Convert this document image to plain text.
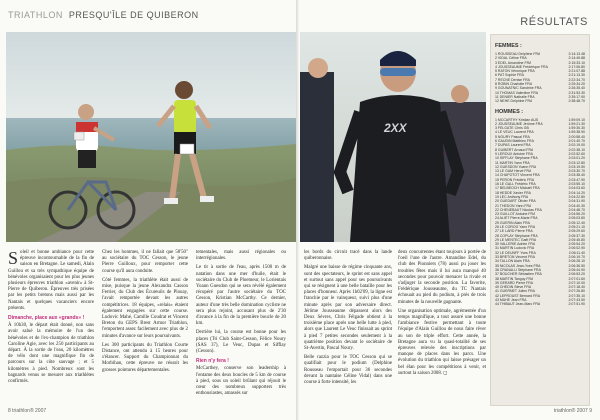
TRIATHLON PRESQU'ÎLE DE QUIBERON
S oleil et bonne ambiance pour cette épreuve incontournable de la fin de saison en Bretagne. Le samedi, Alain Guillou et sa très sympathique équipe de bénévoles organisaient pour les plus jeunes plusieurs épreuves triathlon «avenir» à St-Pierre de Quiberon. Épreuves très prisées par les petits bretons mais aussi par les Nantais et quelques vacanciers encore présents.

Dimanche, place aux «grands» !

À 10h30, le départ était donné, non sans avoir salué la mémoire de l'un des bénévoles et de l'ex-champion de triathlon Caroline Agie, avec les 250 participants au départ. À la sortie de l'eau, 20 kilomètres de vélo dont une magnifique fin de parcours sur la côte sauvage ; et 5 kilomètres à pied. Nombreux sont les bagnards venus se mesurer aux triathlètes confirmés.

Chez les hommes, il ne fallait que 58'50" au sociétaire du TOC Cesson, le jeune Pierre Guilloux, pour remporter cette course qu'il aura conduite.

Côté femmes, la triathlète était aussi de mise, puisque la jeune Alexandra Casson Ferrier, du Club des Écureuils de Plouay, l'avait remportée devant les autres compétitrices. 18 équipes, «relais» étaient également engagées sur cette course. Ludovic Mahé, Camille Coudrat et Vincent Breton du GEPS Brest Armor Triathlon, l'emportent assez facilement avec plus de 2 minutes d'avance sur leurs poursuivants.

Les 300 participants du Triathlon Courte Distance, ont attendu à 15 heures pour s'élancer. Support du Championnat du Morbihan, cette épreuve ne réussit les grosses pointures départementales.

tementales, mais aussi régionales ou interrégionales.

Le tir à sortie de l'eau, après 1500 m de natation dans une mer d'huile, était le sociétaire du Club de Ploemeur, le Lorientais Yoann Guesdon qui se sera révélé également récupéré par l'autre sociétaire du TOC Cesson, Kristian McCarthy. Ce dernier, auteur d'une très belle domination cycliste ne sera plus rejoint, accusant plus de 2'30 d'avance à la fin de la première boucle de 20 km.

Derrière lui, la course est bonne pour les places (Tri Club Saint-Cesson, Félice Noury (SAS 37), Le Veuc, Dupas et Sifflay (Cesson).

Rien n'y fera !

McCarthey, conserve son leadership à l'entame des deux boucles de 5 km de course à pied, sous un soleil brûlant qui réjouit le cœur des nombreux supporters très enthousiastes, amassés sur

8 triathlon® 2007
RÉSULTATS
2XX

les bords du circuit tracé dans la lande quiberonnaise.

Malgré une baisse de régime cinquante ans, sont des spectateurs, le sprint est sans appel et surtout sans appel pour ses poursuivants qui se résignent à une belle bataille pour les places d'honneur. Après 1h02'09, la ligne est franchie par le vainqueur, suivi plus d'une minute après par son adversaire direct. Jérôme Jousseaume dépassent alors des Deux Sèvres, Chris Félgade obtient à la troisième place après une belle lutte à pied, alors que Laurent Le Veuc finissait au sprint à pied 7 petites secondes seulement à la quatrième position devant le sociétaire de St-Avertin, Pascal Noury.

Belle razzia pour le TOC Cesson qui se qualifiait pour le podium (Delphine Rousseau l'emportait pour 36 secondes devant la nantaise Céline Vidal) dans une course à forte intensité, les

deux concurrentes étant toujours à portée de l'oeil l'une de l'autre. Amandine Edel, du club des Pionniers (78) aussi pu jouer les troubles fêtes mais il lui aura manqué 40 secondes pour pouvoir menacer la rivale et s'adjuger la seconde position. La favorite, Frédérique Jousseaume, du TC Nantais échouait au pied du podium, à près de trois minutes de la nouvelle gagnante.

Une organisation optimale, agrémentée d'un temps magnifique, a tout assuré une bonne l'ambiance festive permettant à toute l'équipe d'Alain Guillou de nous faire rêver au son de triple effort. Cette année, la Bretagne aura vu la quasi-totalité de ses épreuves relevée des inscriptions par manque de places dans les parcs. Une évolution du triathlon qui laisse présager un bel élan pour les compétitions à venir, et surtout la saison 2008. ◻

triathlon® 2007 9
FEMMES :
1 ROUSSEAU Delphine FRA	2:14:13.48
2 VIDAL Céline FRA	2:14:49.88
3 EDEL Amandine FRA	2:15:33.10
4 JOUSSEAUME Frédérique FRA	2:17:06.80
5 RATON Véronique FRA	2:21:07.88
6 PAT Sophie FRA	2:21:13.30
7 RECNE Denise FRA	2:22:34.70
8 ROBIN Charlotte FRA	2:25:34.20
9 GOUNATNIC Sandrine FRA	2:26:35.40
10 THOMAS Valentine FRA	2:31:53.30
11 DENIER Nathalie FRA	2:35:17.90
12 NEHE Delphine FRA	2:38:48.70
HOMMES :
1 MCCARTHY Kristian AUS	1:59:09.10
2 JOUSSEAUME Jérôme FRA	1:59:21.30
3 FELGATE Chris GB	1:59:30.30
4 LE VEUC Laurent FRA	1:59:38.90
5 NOURY Pascal FRA	2:00:58.40
6 GAUDIN Matthieu FRA	2:01:40.70
7 DUPAS Laurent FRA	2:02:19.00
8 GUIBERT Arnaud FRA	2:02:38.10
9 LEROUX Antoine FRA	2:02:52.60
10 SIFFLAY Stéphane FRA	2:03:01.20
11 MARTIN Yann FRA	2:03:12.80
12 GUESDON Yoann FRA	2:03:19.50
13 LE GAM Hervé FRA	2:03:30.70
14 CHAPOTOT Vincent FRA	2:03:38.40
15 PERON Frédéric FRA	2:03:47.90
16 LE GALL Frédéric FRA	2:03:55.10
17 BELBEOCH Mickaël FRA	2:04:03.60
18 HEDDE Xavier FRA	2:04:14.20
19 LEC Anthony FRA	2:04:22.80
20 GUEDART Olivier FRA	2:04:31.90
21 THEDON Yann FRA	2:04:40.30
22 CHENEBAUT Nicolas FRA	2:04:48.70
23 GUILLOT Antoine FRA	2:04:56.20
24 ALIET Pierre-Marie FRA	2:05:03.80
25 GUERIN Alain FRA	2:05:12.40
26 LE COROG Yann FRA	2:05:21.10
27 LE LARD Pierre FRA	2:05:29.60
28 COPLAY Stéphane FRA	2:05:37.30
29 LE MENTEC Gaël FRA	2:05:45.80
30 VALLERIE Adrien FRA	2:05:54.20
31 MARTIN Ludovic FRA	2:06:02.90
32 LE DEUNFF Yves FRA	2:06:11.40
33 BRETON Vincent FRA	2:06:19.70
34 TALLON Alain FRA	2:06:28.10
35 NICOLAS Jean-Yves FRA	2:06:36.50
36 CRANALLI Stéphane FRA	2:06:44.90
37 BOUCHER Sébastien FRA	2:06:53.20
38 MARTIN Tanguy FRA	2:07:01.60
39 GERARD Pierre FRA	2:07:10.00
40 CHEDIN Steve FRA	2:07:18.40
41 GUERNET Julien FRA	2:07:26.80
42 LEPROUST Bernard FRA	2:07:35.10
43 MAHE Jean FRA	2:07:43.50
44 THIBAUT Jean-Marc FRA	2:07:51.90
